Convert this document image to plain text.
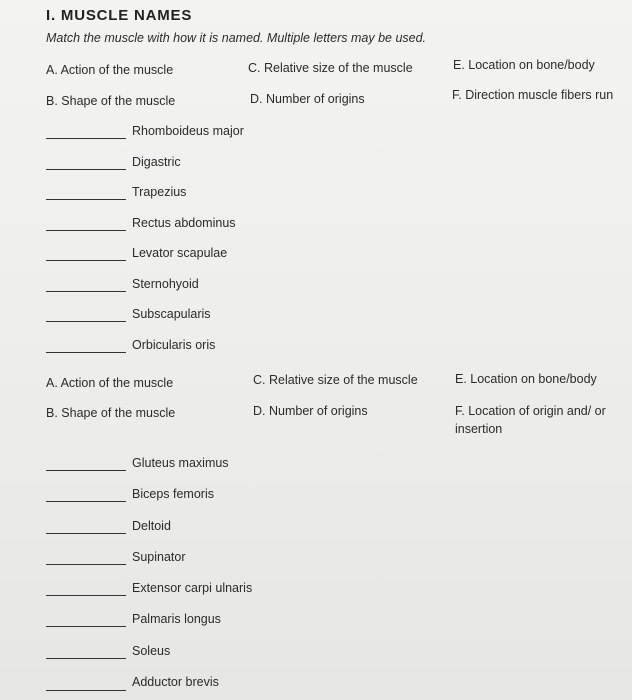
I. MUSCLE NAMES
Match the muscle with how it is named. Multiple letters may be used.
A. Action of the muscle	C. Relative size of the muscle	E. Location on bone/body
B. Shape of the muscle	D. Number of origins	F. Direction muscle fibers run
Rhomboideus major
Digastric
Trapezius
Rectus abdominus
Levator scapulae
Sternohyoid
Subscapularis
Orbicularis oris
A. Action of the muscle	C. Relative size of the muscle	E. Location on bone/body
B. Shape of the muscle	D. Number of origins	F. Location of origin and/ or insertion
Gluteus maximus
Biceps femoris
Deltoid
Supinator
Extensor carpi ulnaris
Palmaris longus
Soleus
Adductor brevis
